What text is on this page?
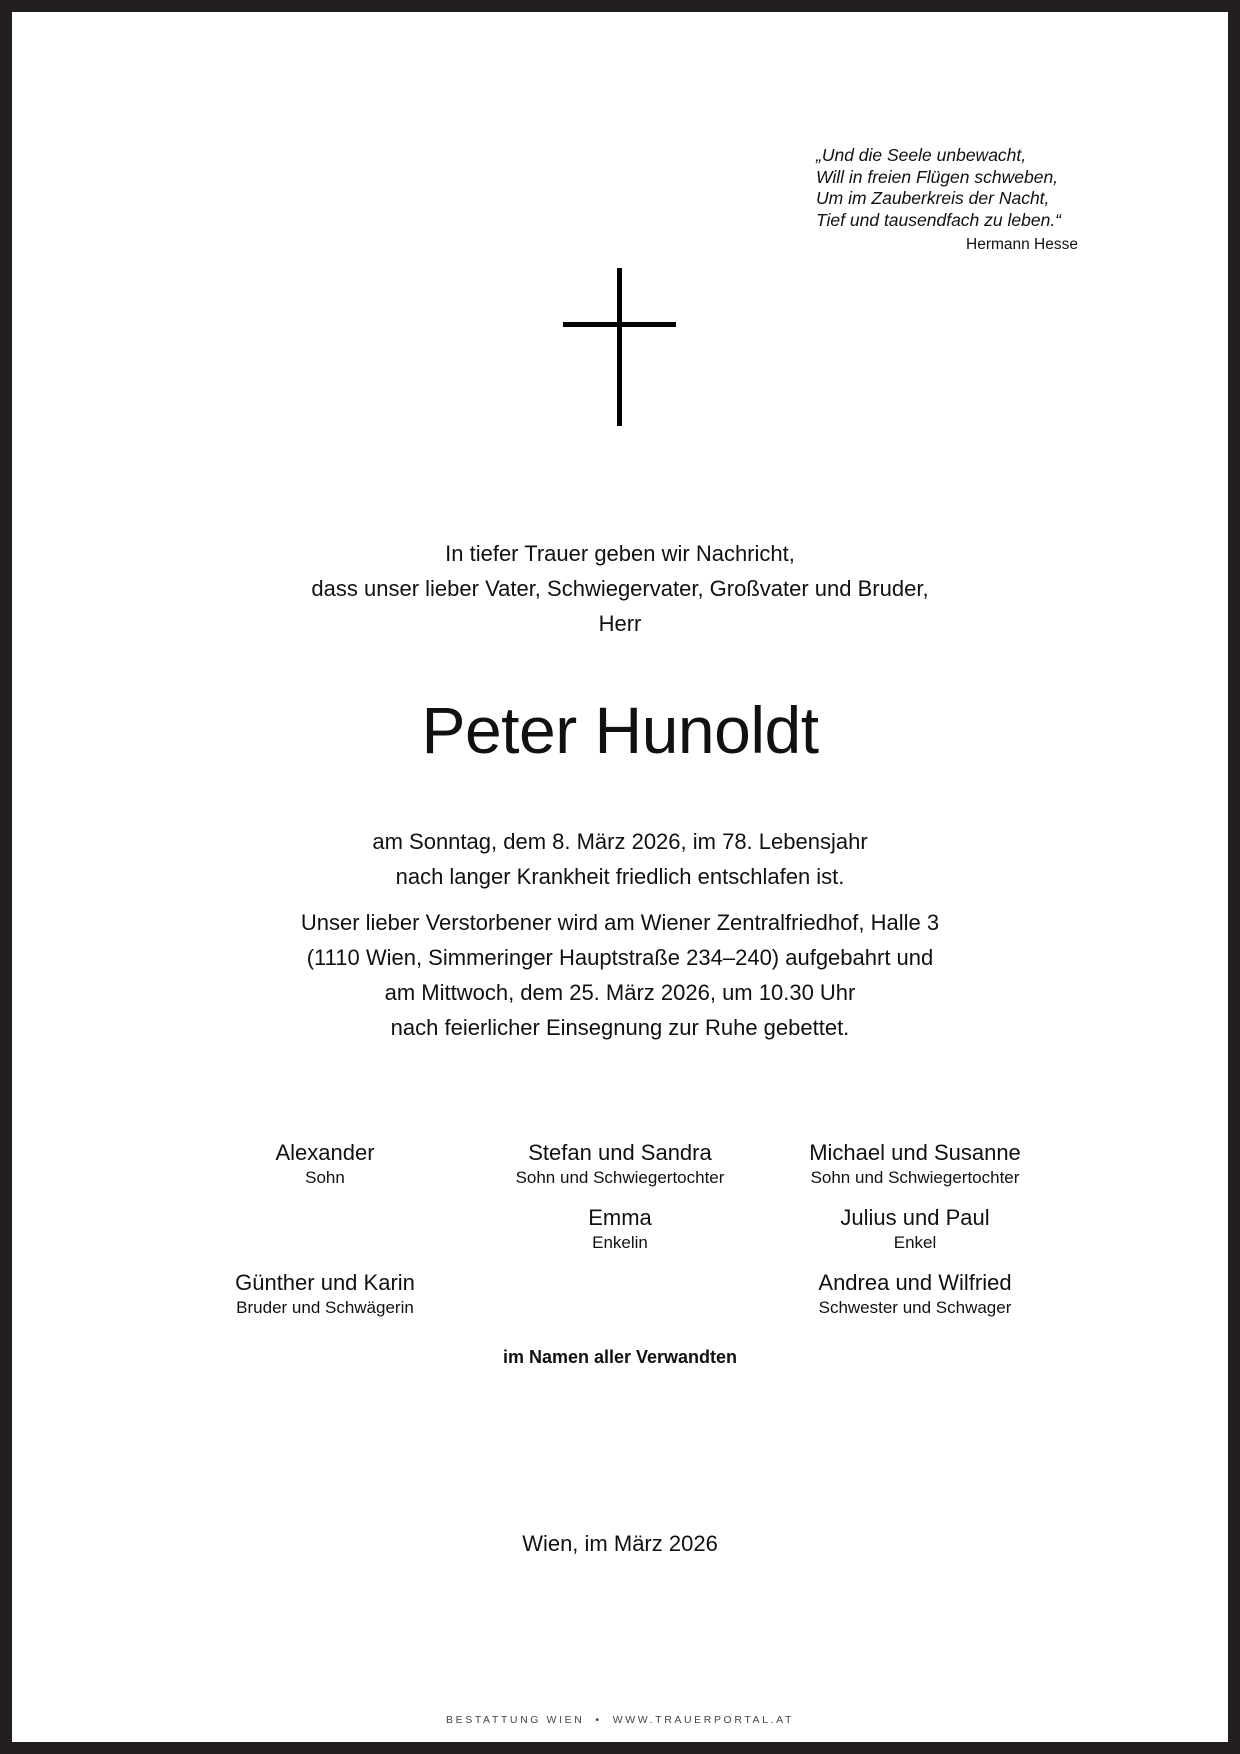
„Und die Seele unbewacht,
Will in freien Flügen schweben,
Um im Zauberkreis der Nacht,
Tief und tausendfach zu leben.“
Hermann Hesse
In tiefer Trauer geben wir Nachricht,
dass unser lieber Vater, Schwiegervater, Großvater und Bruder,
Herr
Peter Hunoldt
am Sonntag, dem 8. März 2026, im 78. Lebensjahr
nach langer Krankheit friedlich entschlafen ist.
Unser lieber Verstorbener wird am Wiener Zentralfriedhof, Halle 3
(1110 Wien, Simmeringer Hauptstraße 234–240) aufgebahrt und
am Mittwoch, dem 25. März 2026, um 10.30 Uhr
nach feierlicher Einsegnung zur Ruhe gebettet.
Alexander
Sohn
Stefan und Sandra
Sohn und Schwiegertochter
Michael und Susanne
Sohn und Schwiegertochter
Emma
Enkelin
Julius und Paul
Enkel
Günther und Karin
Bruder und Schwägerin
Andrea und Wilfried
Schwester und Schwager
im Namen aller Verwandten
Wien, im März 2026
BESTATTUNG WIEN  •  WWW.TRAUERPORTAL.AT
